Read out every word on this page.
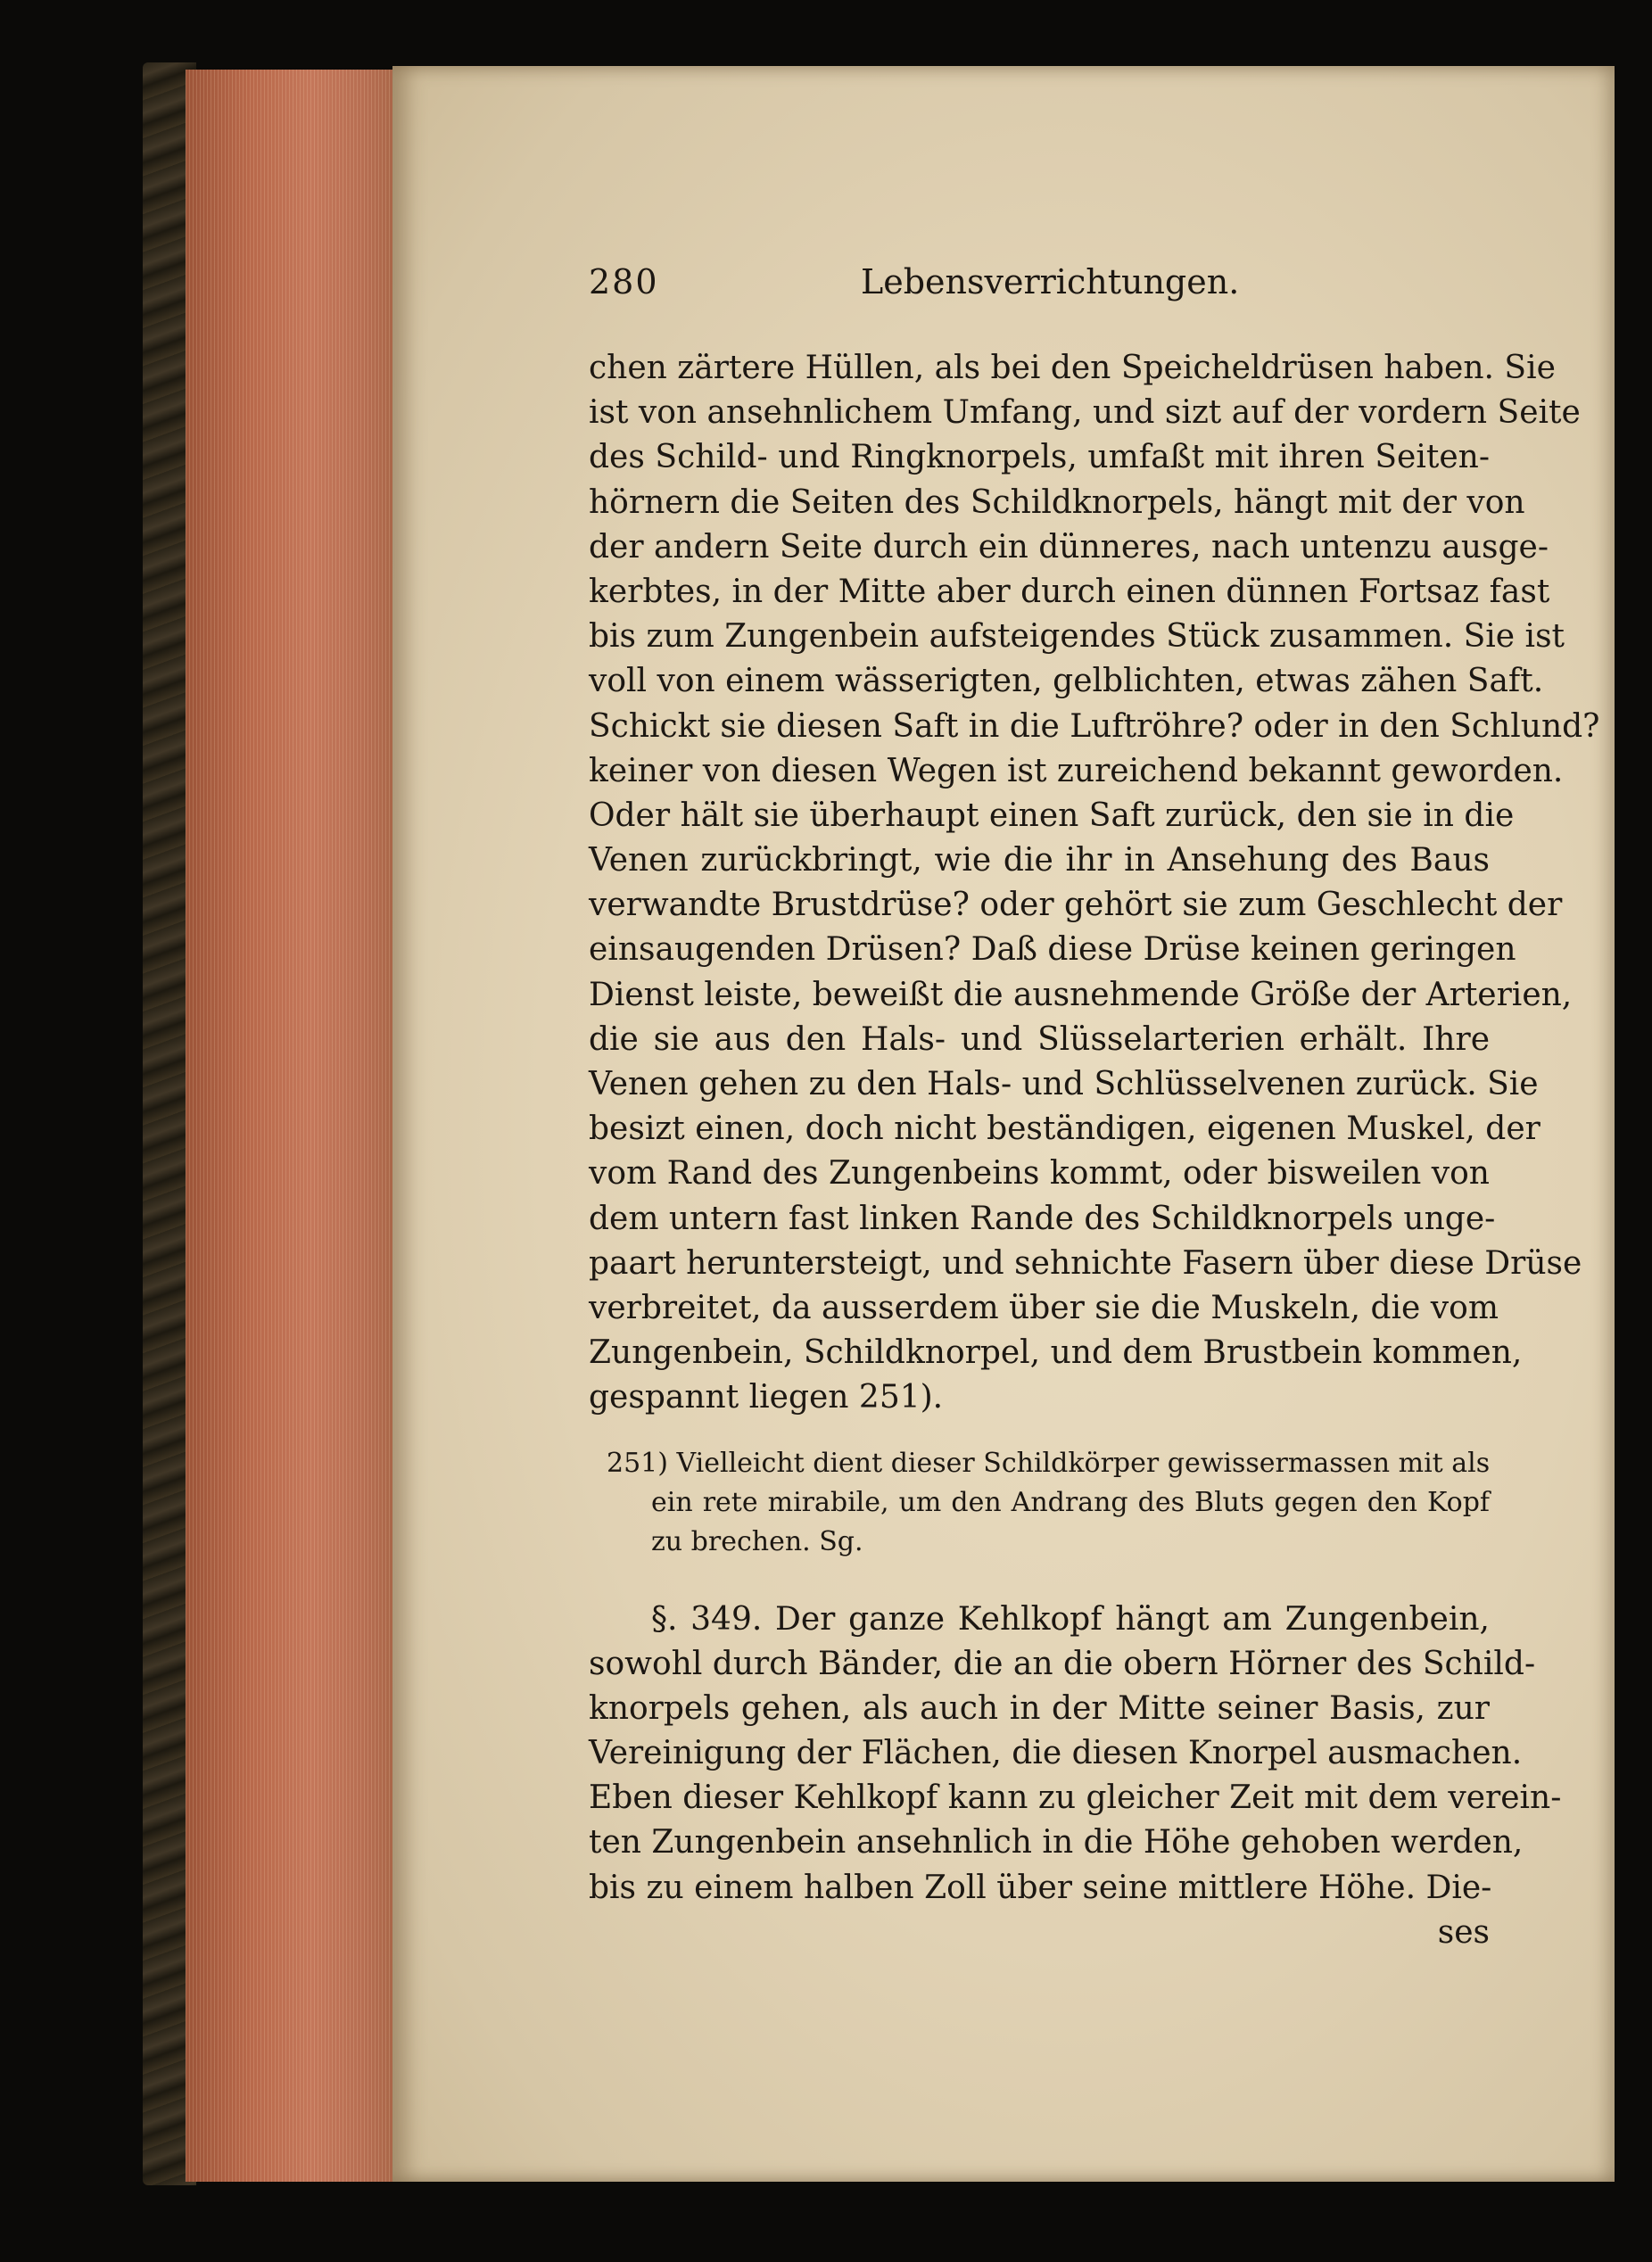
280	Lebensverrichtungen.
chen zärtere Hüllen, als bei den Speicheldrüsen haben. Sie
ist von ansehnlichem Umfang, und sizt auf der vordern Seite
des Schild- und Ringknorpels, umfaßt mit ihren Seiten-
hörnern die Seiten des Schildknorpels, hängt mit der von
der andern Seite durch ein dünneres, nach untenzu ausge-
kerbtes, in der Mitte aber durch einen dünnen Fortsaz fast
bis zum Zungenbein aufsteigendes Stück zusammen. Sie ist
voll von einem wässerigten, gelblichten, etwas zähen Saft.
Schickt sie diesen Saft in die Luftröhre? oder in den Schlund?
keiner von diesen Wegen ist zureichend bekannt geworden.
Oder hält sie überhaupt einen Saft zurück, den sie in die
Venen zurückbringt, wie die ihr in Ansehung des Baus
verwandte Brustdrüse? oder gehört sie zum Geschlecht der
einsaugenden Drüsen? Daß diese Drüse keinen geringen
Dienst leiste, beweißt die ausnehmende Größe der Arterien,
die sie aus den Hals- und Slüsselarterien erhält. Ihre
Venen gehen zu den Hals- und Schlüsselvenen zurück. Sie
besizt einen, doch nicht beständigen, eigenen Muskel, der
vom Rand des Zungenbeins kommt, oder bisweilen von
dem untern fast linken Rande des Schildknorpels unge-
paart heruntersteigt, und sehnichte Fasern über diese Drüse
verbreitet, da ausserdem über sie die Muskeln, die vom
Zungenbein, Schildknorpel, und dem Brustbein kommen,
gespannt liegen 251).
251) Vielleicht dient dieser Schildkörper gewissermassen mit als
ein rete mirabile, um den Andrang des Bluts gegen den Kopf
zu brechen. Sg.
§. 349. Der ganze Kehlkopf hängt am Zungenbein,
sowohl durch Bänder, die an die obern Hörner des Schild-
knorpels gehen, als auch in der Mitte seiner Basis, zur
Vereinigung der Flächen, die diesen Knorpel ausmachen.
Eben dieser Kehlkopf kann zu gleicher Zeit mit dem verein-
ten Zungenbein ansehnlich in die Höhe gehoben werden,
bis zu einem halben Zoll über seine mittlere Höhe. Die-
ses
